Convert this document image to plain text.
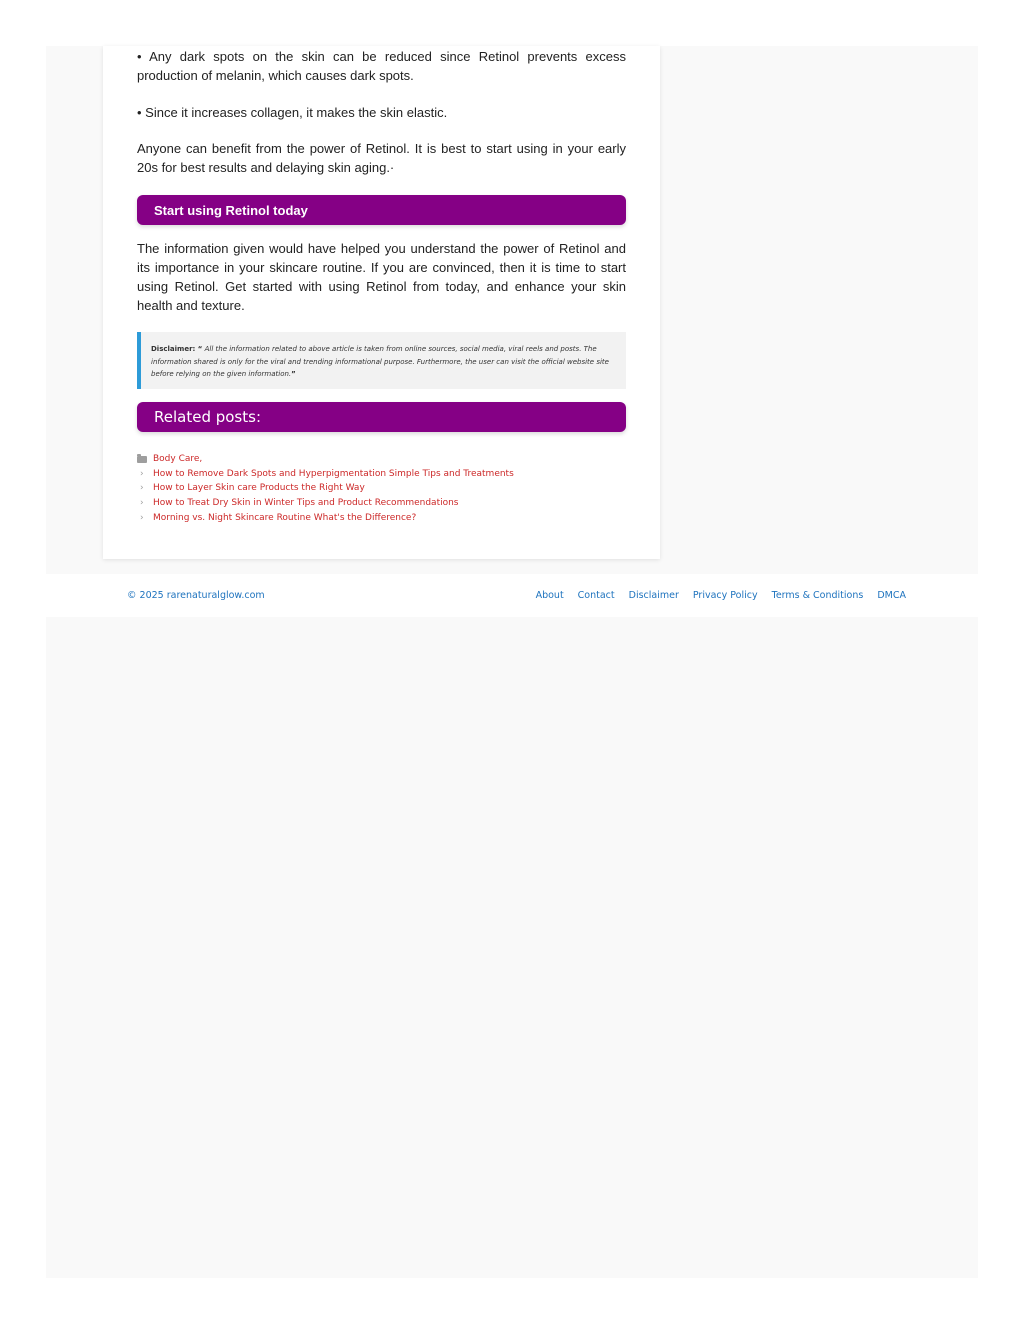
• Any dark spots on the skin can be reduced since Retinol prevents excess production of melanin, which causes dark spots.

• Since it increases collagen, it makes the skin elastic.

Anyone can benefit from the power of Retinol. It is best to start using in your early 20s for best results and delaying skin aging.·

Start using Retinol today

The information given would have helped you understand the power of Retinol and its importance in your skincare routine. If you are convinced, then it is time to start using Retinol. Get started with using Retinol from today, and enhance your skin health and texture.

Disclaimer: “ All the information related to above article is taken from online sources, social media, viral reels and posts. The information shared is only for the viral and trending informational purpose. Furthermore, the user can visit the official website site before relying on the given information.”
Related posts:
Body Care,
›	How to Remove Dark Spots and Hyperpigmentation Simple Tips and Treatments
›	How to Layer Skin care Products the Right Way
›	How to Treat Dry Skin in Winter Tips and Product Recommendations
›	Morning vs. Night Skincare Routine What's the Difference?
© 2025 rarenaturalglow.com	About Contact Disclaimer Privacy Policy Terms & Conditions DMCA
